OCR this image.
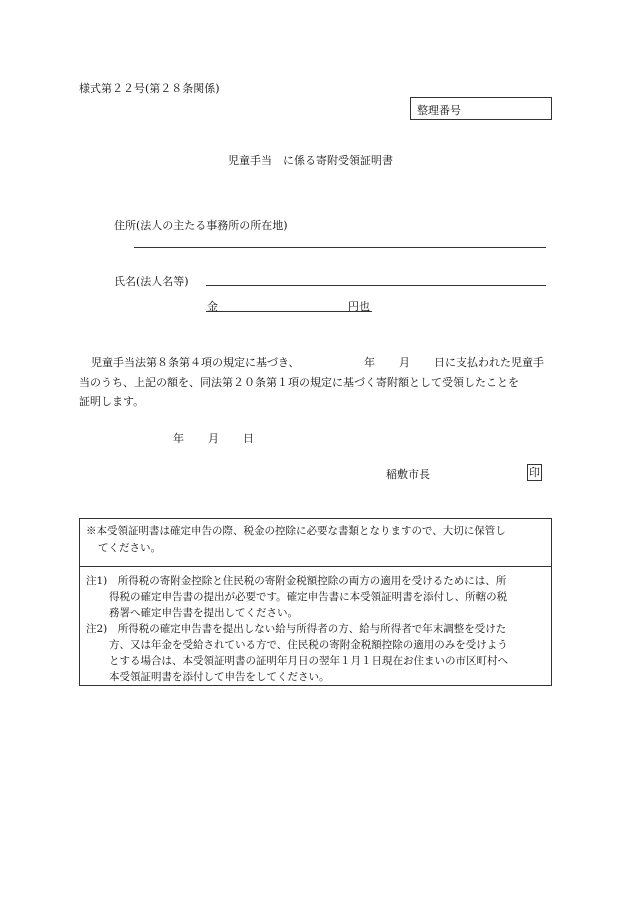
様式第２２号(第２８条関係)
整理番号
児童手当　に係る寄附受領証明書
住所(法人の主たる事務所の所在地)
氏名(法人名等)
金	円也
児童手当法第８条第４項の規定に基づき、	年 月 日に支払われた児童手
当のうち、上記の額を、同法第２０条第１項の規定に基づく寄附額として受領したことを
証明します。
年 月 日
稲敷市長	印
※本受領証明書は確定申告の際、税金の控除に必要な書類となりますので、大切に保管し
てください。
注1)　所得税の寄附金控除と住民税の寄附金税額控除の両方の適用を受けるためには、所
得税の確定申告書の提出が必要です。確定申告書に本受領証明書を添付し、所轄の税
務署へ確定申告書を提出してください。
注2)　所得税の確定申告書を提出しない給与所得者の方、給与所得者で年末調整を受けた
方、又は年金を受給されている方で、住民税の寄附金税額控除の適用のみを受けよう
とする場合は、本受領証明書の証明年月日の翌年１月１日現在お住まいの市区町村へ
本受領証明書を添付して申告をしてください。
